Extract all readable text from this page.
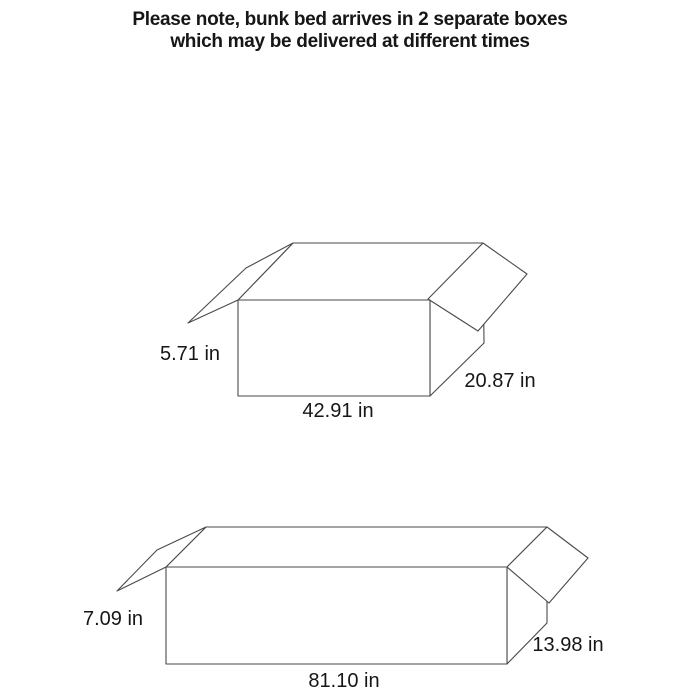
Please note, bunk bed arrives in 2 separate boxes
which may be delivered at different times
5.71 in
42.91 in
20.87 in
7.09 in
81.10 in
13.98 in
